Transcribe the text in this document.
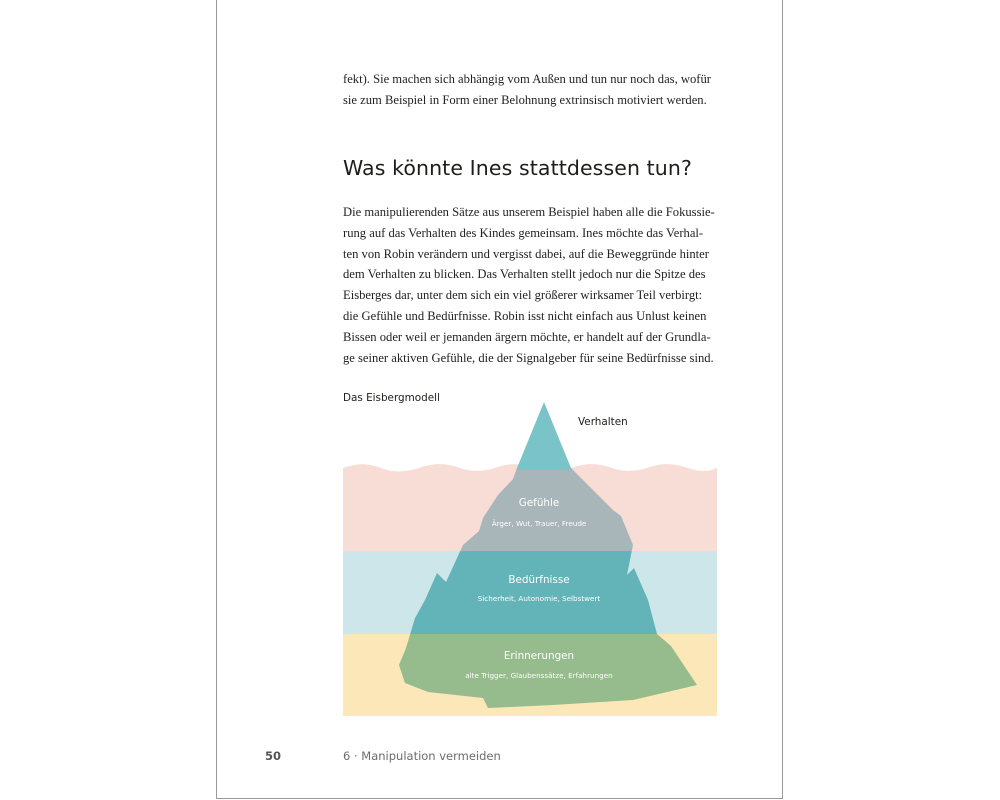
fekt). Sie machen sich abhängig vom Außen und tun nur noch das, wofür
sie zum Beispiel in Form einer Belohnung extrinsisch motiviert werden.
Was könnte Ines stattdessen tun?
Die manipulierenden Sätze aus unserem Beispiel haben alle die Fokussie-
rung auf das Verhalten des Kindes gemeinsam. Ines möchte das Verhal-
ten von Robin verändern und vergisst dabei, auf die Beweggründe hinter
dem Verhalten zu blicken. Das Verhalten stellt jedoch nur die Spitze des
Eisberges dar, unter dem sich ein viel größerer wirksamer Teil verbirgt:
die Gefühle und Bedürfnisse. Robin isst nicht einfach aus Unlust keinen
Bissen oder weil er jemanden ärgern möchte, er handelt auf der Grundla-
ge seiner aktiven Gefühle, die der Signalgeber für seine Bedürfnisse sind.
Das Eisbergmodell
Verhalten
Gefühle
Ärger, Wut, Trauer, Freude
Bedürfnisse
Sicherheit, Autonomie, Selbstwert
Erinnerungen
alte Trigger, Glaubenssätze, Erfahrungen
50	6 · Manipulation vermeiden
